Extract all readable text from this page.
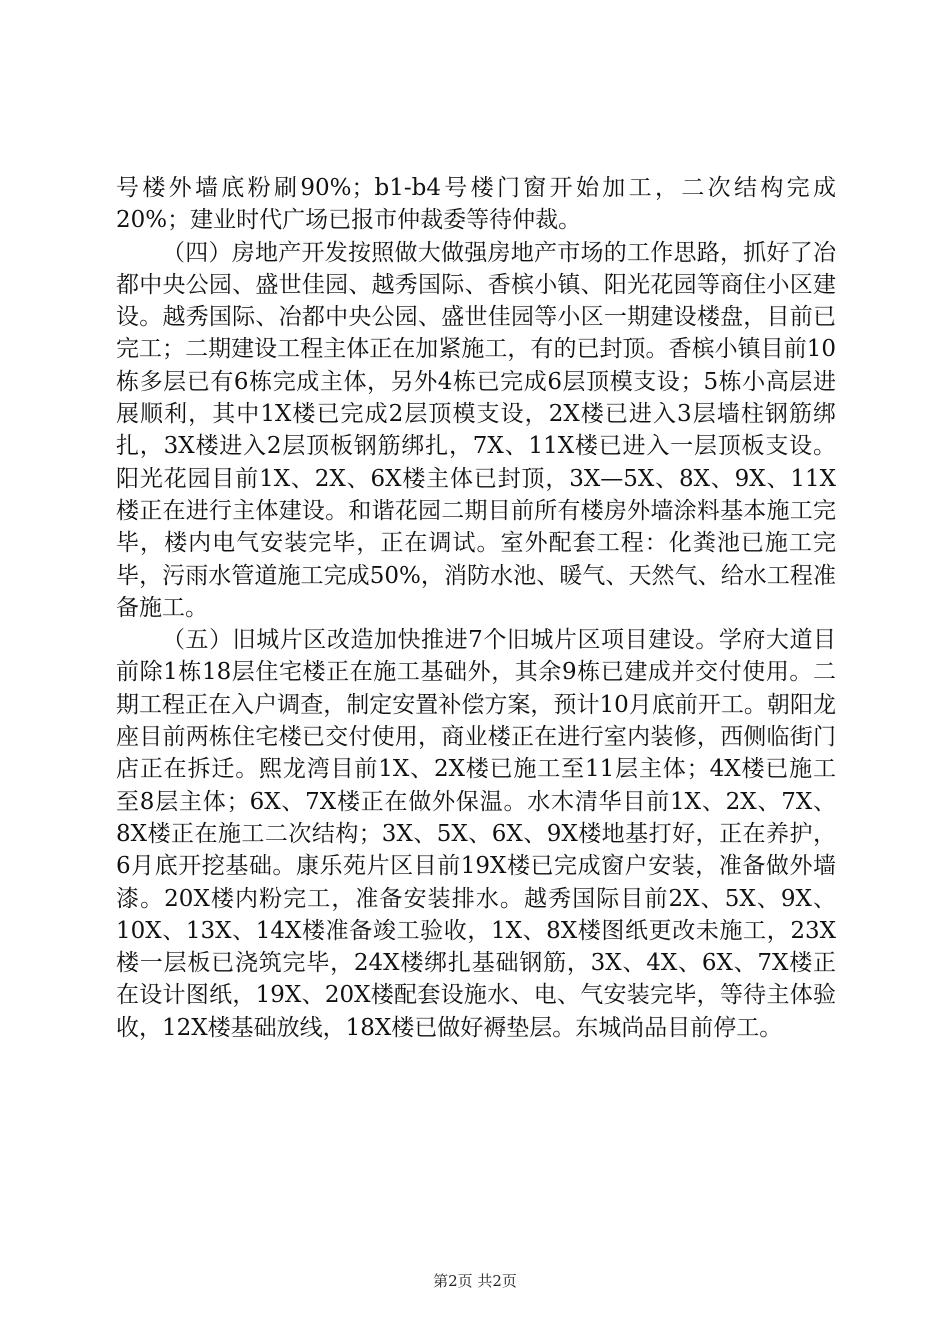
号楼外墙底粉刷90%；b1-b4号楼门窗开始加工，二次结构完成20%；建业时代广场已报市仲裁委等待仲裁。

（四）房地产开发按照做大做强房地产市场的工作思路，抓好了冶都中央公园、盛世佳园、越秀国际、香槟小镇、阳光花园等商住小区建设。越秀国际、冶都中央公园、盛世佳园等小区一期建设楼盘，目前已完工；二期建设工程主体正在加紧施工，有的已封顶。香槟小镇目前10栋多层已有6栋完成主体，另外4栋已完成6层顶模支设；5栋小高层进展顺利，其中1X楼已完成2层顶模支设，2X楼已进入3层墙柱钢筋绑扎，3X楼进入2层顶板钢筋绑扎，7X、11X楼已进入一层顶板支设。阳光花园目前1X、2X、6X楼主体已封顶，3X—5X、8X、9X、11X楼正在进行主体建设。和谐花园二期目前所有楼房外墙涂料基本施工完毕，楼内电气安装完毕，正在调试。室外配套工程：化粪池已施工完毕，污雨水管道施工完成50%，消防水池、暖气、天然气、给水工程准备施工。

（五）旧城片区改造加快推进7个旧城片区项目建设。学府大道目前除1栋18层住宅楼正在施工基础外，其余9栋已建成并交付使用。二期工程正在入户调查，制定安置补偿方案，预计10月底前开工。朝阳龙座目前两栋住宅楼已交付使用，商业楼正在进行室内装修，西侧临街门店正在拆迁。熙龙湾目前1X、2X楼已施工至11层主体；4X楼已施工至8层主体；6X、7X楼正在做外保温。水木清华目前1X、2X、7X、8X楼正在施工二次结构；3X、5X、6X、9X楼地基打好，正在养护，6月底开挖基础。康乐苑片区目前19X楼已完成窗户安装，准备做外墙漆。20X楼内粉完工，准备安装排水。越秀国际目前2X、5X、9X、10X、13X、14X楼准备竣工验收，1X、8X楼图纸更改未施工，23X楼一层板已浇筑完毕，24X楼绑扎基础钢筋，3X、4X、6X、7X楼正在设计图纸，19X、20X楼配套设施水、电、气安装完毕，等待主体验收，12X楼基础放线，18X楼已做好褥垫层。东城尚品目前停工。

第2页 共2页
